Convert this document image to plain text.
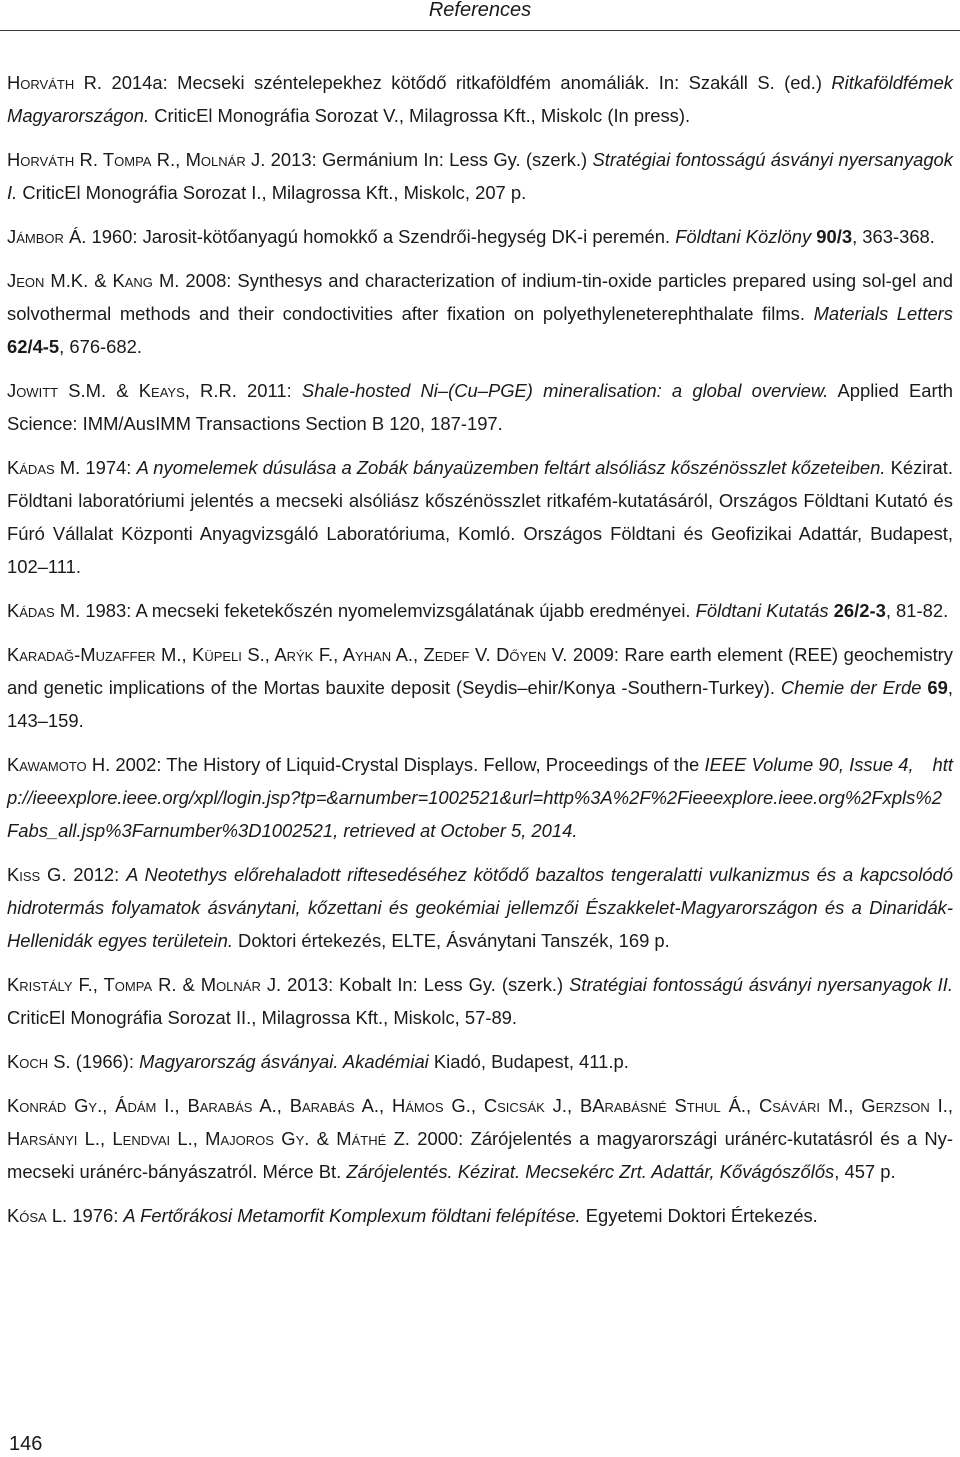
References

Horváth R. 2014a: Mecseki széntelepekhez kötődő ritkaföldfém anomáliák. In: Szakáll S. (ed.) Ritkaföldfémek Magyarországon. CriticEl Monográfia Sorozat V., Milagrossa Kft., Miskolc (In press).

Horváth R. Tompa R., Molnár J. 2013: Germánium In: Less Gy. (szerk.) Stratégiai fontosságú ásványi nyersanyagok I. CriticEl Monográfia Sorozat I., Milagrossa Kft., Miskolc, 207 p.

Jámbor Á. 1960: Jarosit-kötőanyagú homokkő a Szendrői-hegység DK-i peremén. Földtani Közlöny 90/3, 363-368.

Jeon M.K. & Kang M. 2008: Synthesys and characterization of indium-tin-oxide particles prepared using sol-gel and solvothermal methods and their condoctivities after fixation on polyethyleneterephthalate films. Materials Letters 62/4-5, 676-682.

Jowitt S.M. & Keays, R.R. 2011: Shale-hosted Ni–(Cu–PGE) mineralisation: a global overview. Applied Earth Science: IMM/AusIMM Transactions Section B 120, 187-197.

Kádas M. 1974: A nyomelemek dúsulása a Zobák bányaüzemben feltárt alsóliász kőszénösszlet kőzeteiben. Kézirat. Földtani laboratóriumi jelentés a mecseki alsóliász kőszénösszlet ritkafém-kutatásáról, Országos Földtani Kutató és Fúró Vállalat Központi Anyagvizsgáló Laboratóriuma, Komló. Országos Földtani és Geofizikai Adattár, Budapest, 102–111.

Kádas M. 1983: A mecseki feketekőszén nyomelemvizsgálatának újabb eredményei. Földtani Kutatás 26/2-3, 81-82.

Karadağ-Muzaffer M., Küpeli S., Arýk F., Ayhan A., Zedef V. Dőyen V. 2009: Rare earth element (REE) geochemistry and genetic implications of the Mortas bauxite deposit (Seydis–ehir/Konya -Southern-Turkey). Chemie der Erde 69, 143–159.

Kawamoto H. 2002: The History of Liquid-Crystal Displays. Fellow, Proceedings of the IEEE Volume 90, Issue 4,  http://ieeexplore.ieee.org/xpl/login.jsp?tp=&arnumber=1002521&url=http%3A%2F%2Fieeexplore.ieee.org%2Fxpls%2Fabs_all.jsp%3Farnumber%3D1002521, retrieved at October 5, 2014.

Kiss G. 2012: A Neotethys előrehaladott riftesedéséhez kötődő bazaltos tengeralatti vulkanizmus és a kapcsolódó hidrotermás folyamatok ásványtani, kőzettani és geokémiai jellemzői Északkelet-Magyarországon és a Dinaridák-Hellenidák egyes területein. Doktori értekezés, ELTE, Ásványtani Tanszék, 169 p.

Kristály F., Tompa R. & Molnár J. 2013: Kobalt In: Less Gy. (szerk.) Stratégiai fontosságú ásványi nyersanyagok II. CriticEl Monográfia Sorozat II., Milagrossa Kft., Miskolc, 57-89.

Koch S. (1966): Magyarország ásványai. Akadémiai Kiadó, Budapest, 411.p.

Konrád Gy., Ádám I., Barabás A., Barabás A., Hámos G., Csicsák J., BArabásné Sthul Á., Csávári M., Gerzson I., Harsányi L., Lendvai L., Majoros Gy. & Máthé Z. 2000: Zárójelentés a magyarországi uránérc-kutatásról és a Ny-mecseki uránérc-bányászatról. Mérce Bt. Zárójelentés. Kézirat. Mecsekérc Zrt. Adattár, Kővágószőlős, 457 p.

Kósa L. 1976: A Fertőrákosi Metamorfit Komplexum földtani felépítése. Egyetemi Doktori Értekezés.

146
